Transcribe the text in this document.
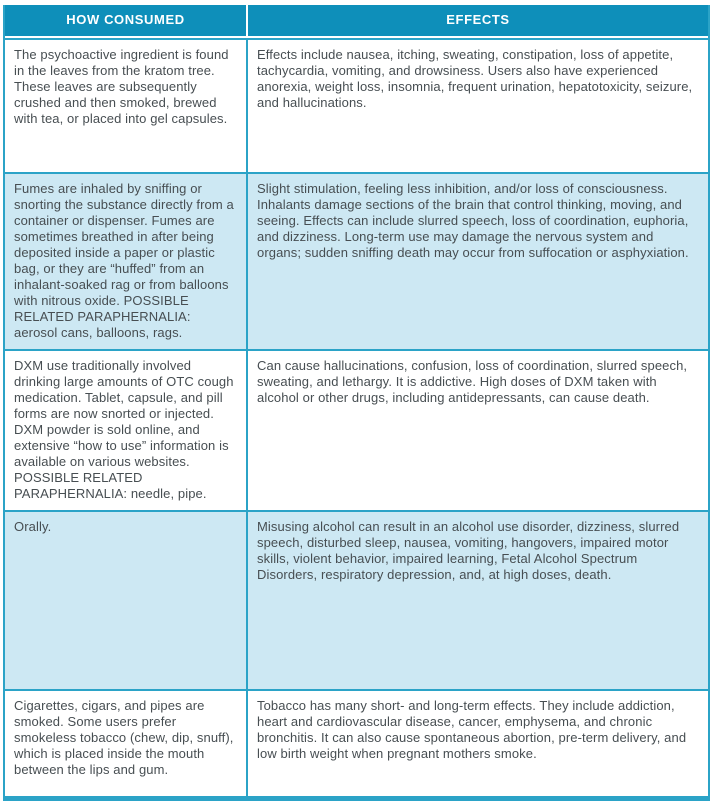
HOW CONSUMED	EFFECTS
The psychoactive ingredient is found in the leaves from the kratom tree. These leaves are subsequently crushed and then smoked, brewed with tea, or placed into gel capsules.	Effects include nausea, itching, sweating, constipation, loss of appetite, tachycardia, vomiting, and drowsiness. Users also have experienced anorexia, weight loss, insomnia, frequent urination, hepatotoxicity, seizure, and hallucinations.
Fumes are inhaled by sniffing or snorting the substance directly from a container or dispenser. Fumes are sometimes breathed in after being deposited inside a paper or plastic bag, or they are “huffed” from an inhalant-soaked rag or from balloons with nitrous oxide. POSSIBLE RELATED PARAPHERNALIA: aerosol cans, balloons, rags.	Slight stimulation, feeling less inhibition, and/or loss of consciousness. Inhalants damage sections of the brain that control thinking, moving, and seeing. Effects can include slurred speech, loss of coordination, euphoria, and dizziness. Long-term use may damage the nervous system and organs; sudden sniffing death may occur from suffocation or asphyxiation.
DXM use traditionally involved drinking large amounts of OTC cough medication. Tablet, capsule, and pill forms are now snorted or injected. DXM powder is sold online, and extensive “how to use” information is available on various websites. POSSIBLE RELATED PARAPHERNALIA: needle, pipe.	Can cause hallucinations, confusion, loss of coordination, slurred speech, sweating, and lethargy. It is addictive. High doses of DXM taken with alcohol or other drugs, including antidepressants, can cause death.
Orally.	Misusing alcohol can result in an alcohol use disorder, dizziness, slurred speech, disturbed sleep, nausea, vomiting, hangovers, impaired motor skills, violent behavior, impaired learning, Fetal Alcohol Spectrum Disorders, respiratory depression, and, at high doses, death.
Cigarettes, cigars, and pipes are smoked. Some users prefer smokeless tobacco (chew, dip, snuff), which is placed inside the mouth between the lips and gum.	Tobacco has many short- and long-term effects. They include addiction, heart and cardiovascular disease, cancer, emphysema, and chronic bronchitis. It can also cause spontaneous abortion, pre-term delivery, and low birth weight when pregnant mothers smoke.
